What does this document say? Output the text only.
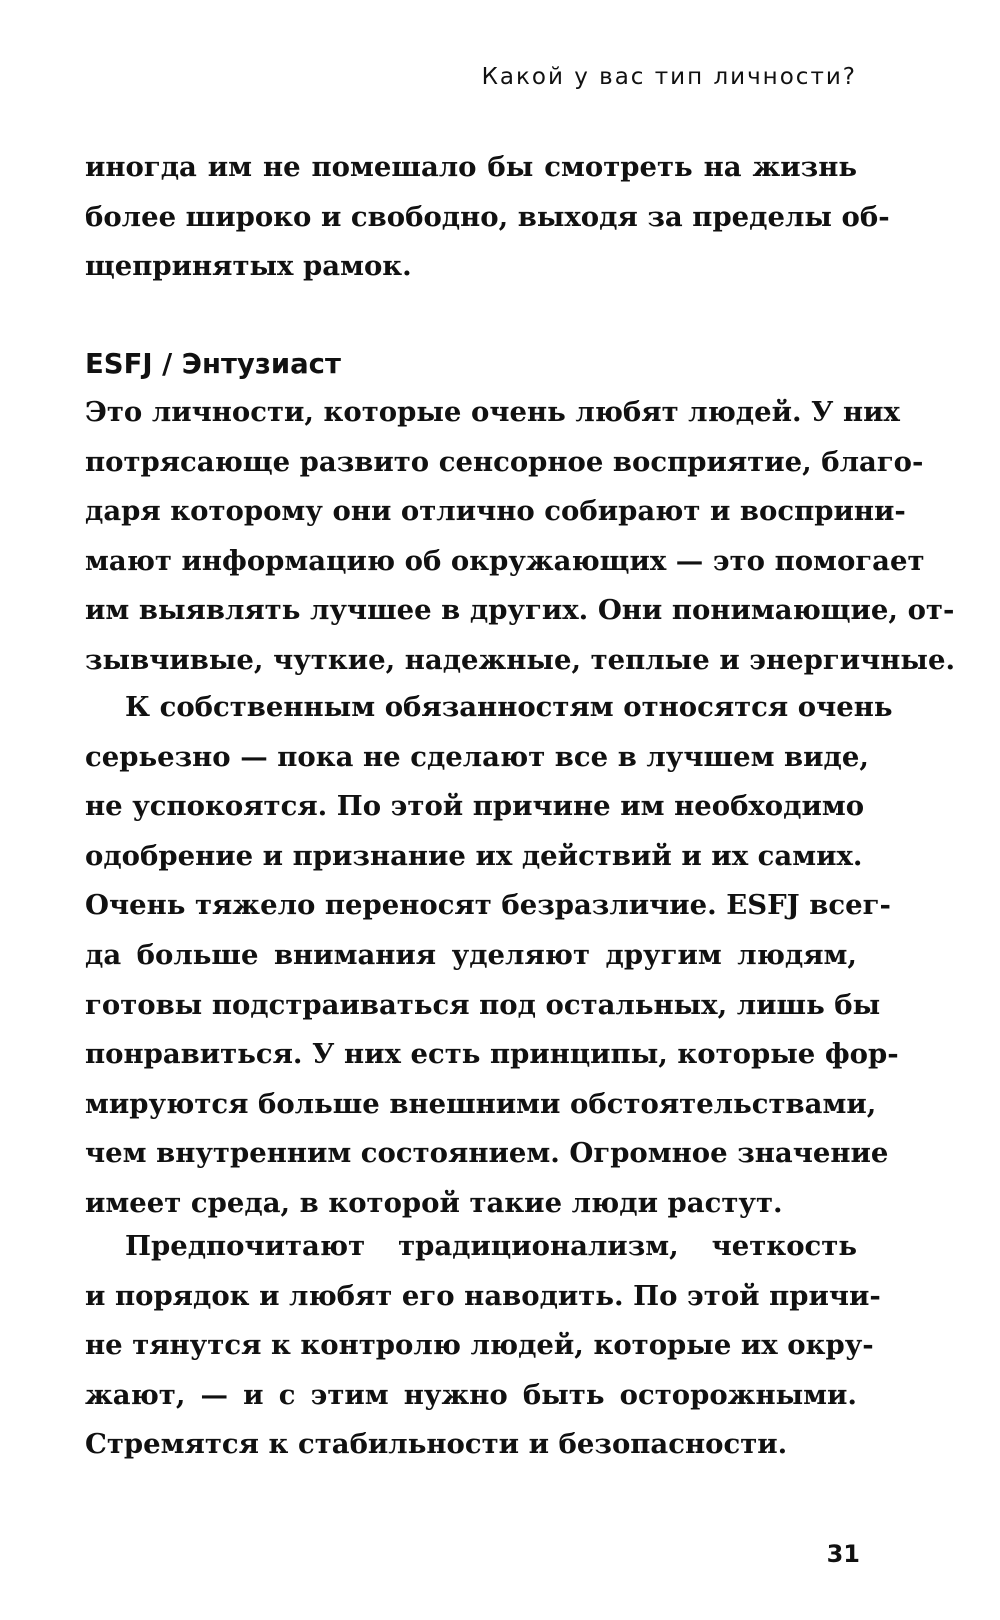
Какой у вас тип личности?
иногда им не помешало бы смотреть на жизнь
более широко и свободно, выходя за пределы об-
щепринятых рамок.
ESFJ / Энтузиаст
Это личности, которые очень любят людей. У них
потрясающе развито сенсорное восприятие, благо-
даря которому они отлично собирают и восприни-
мают информацию об окружающих — это помогает
им выявлять лучшее в других. Они понимающие, от-
зывчивые, чуткие, надежные, теплые и энергичные.
К собственным обязанностям относятся очень
серьезно — пока не сделают все в лучшем виде,
не успокоятся. По этой причине им необходимо
одобрение и признание их действий и их самих.
Очень тяжело переносят безразличие. ESFJ всег-
да больше внимания уделяют другим людям,
готовы подстраиваться под остальных, лишь бы
понравиться. У них есть принципы, которые фор-
мируются больше внешними обстоятельствами,
чем внутренним состоянием. Огромное значение
имеет среда, в которой такие люди растут.
Предпочитают традиционализм, четкость
и порядок и любят его наводить. По этой причи-
не тянутся к контролю людей, которые их окру-
жают, — и с этим нужно быть осторожными.
Стремятся к стабильности и безопасности.
31
